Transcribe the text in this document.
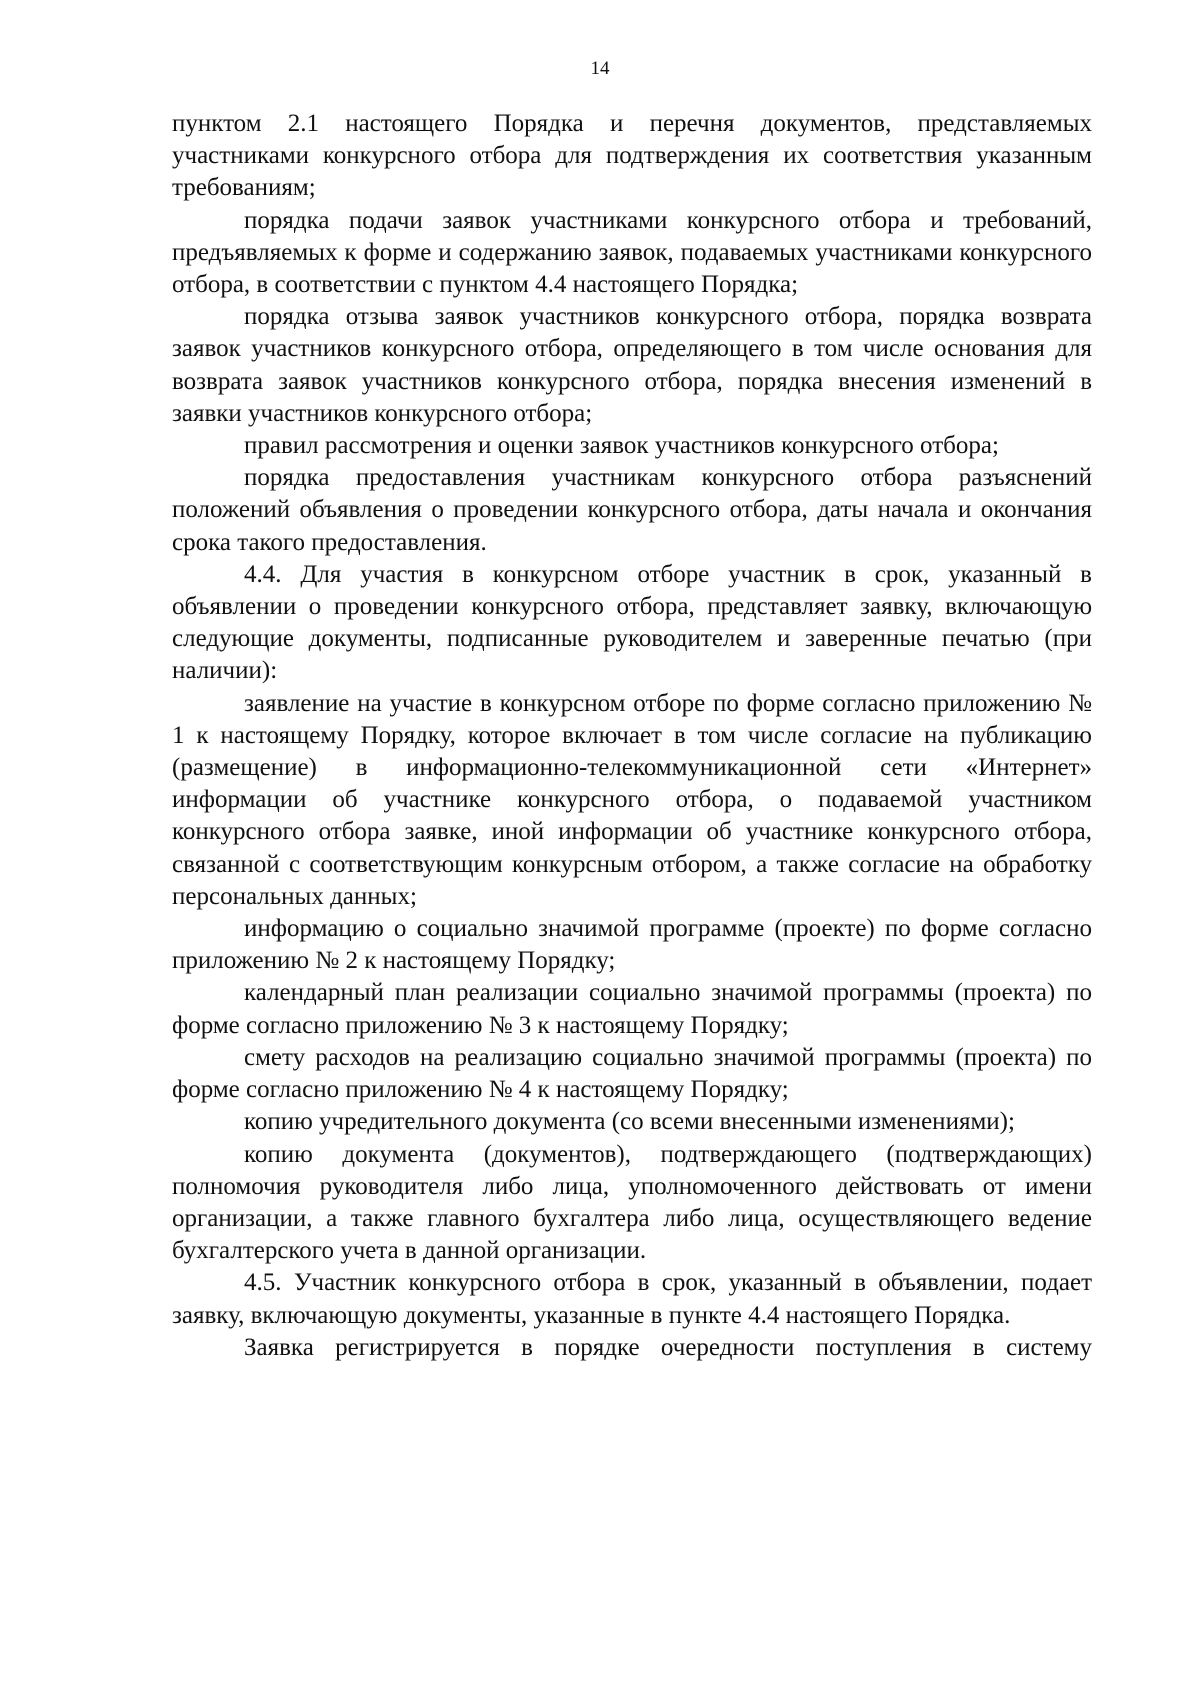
14

пунктом 2.1 настоящего Порядка и перечня документов, представляемых участниками конкурсного отбора для подтверждения их соответствия указанным требованиям;

порядка подачи заявок участниками конкурсного отбора и требований, предъявляемых к форме и содержанию заявок, подаваемых участниками конкурсного отбора, в соответствии с пунктом 4.4 настоящего Порядка;

порядка отзыва заявок участников конкурсного отбора, порядка возврата заявок участников конкурсного отбора, определяющего в том числе основания для возврата заявок участников конкурсного отбора, порядка внесения изменений в заявки участников конкурсного отбора;

правил рассмотрения и оценки заявок участников конкурсного отбора;

порядка предоставления участникам конкурсного отбора разъяснений положений объявления о проведении конкурсного отбора, даты начала и окончания срока такого предоставления.

4.4. Для участия в конкурсном отборе участник в срок, указанный в объявлении о проведении конкурсного отбора, представляет заявку, включающую следующие документы, подписанные руководителем и заверенные печатью (при наличии):

заявление на участие в конкурсном отборе по форме согласно приложению № 1 к настоящему Порядку, которое включает в том числе согласие на публикацию (размещение) в информационно-телекоммуникационной сети «Интернет» информации об участнике конкурсного отбора, о подаваемой участником конкурсного отбора заявке, иной информации об участнике конкурсного отбора, связанной с соответствующим конкурсным отбором, а также согласие на обработку персональных данных;

информацию о социально значимой программе (проекте) по форме согласно приложению № 2 к настоящему Порядку;

календарный план реализации социально значимой программы (проекта) по форме согласно приложению № 3 к настоящему Порядку;

смету расходов на реализацию социально значимой программы (проекта) по форме согласно приложению № 4 к настоящему Порядку;

копию учредительного документа (со всеми внесенными изменениями);

копию документа (документов), подтверждающего (подтверждающих) полномочия руководителя либо лица, уполномоченного действовать от имени организации, а также главного бухгалтера либо лица, осуществляющего ведение бухгалтерского учета в данной организации.

4.5. Участник конкурсного отбора в срок, указанный в объявлении, подает заявку, включающую документы, указанные в пункте 4.4 настоящего Порядка.

Заявка регистрируется в порядке очередности поступления в систему
